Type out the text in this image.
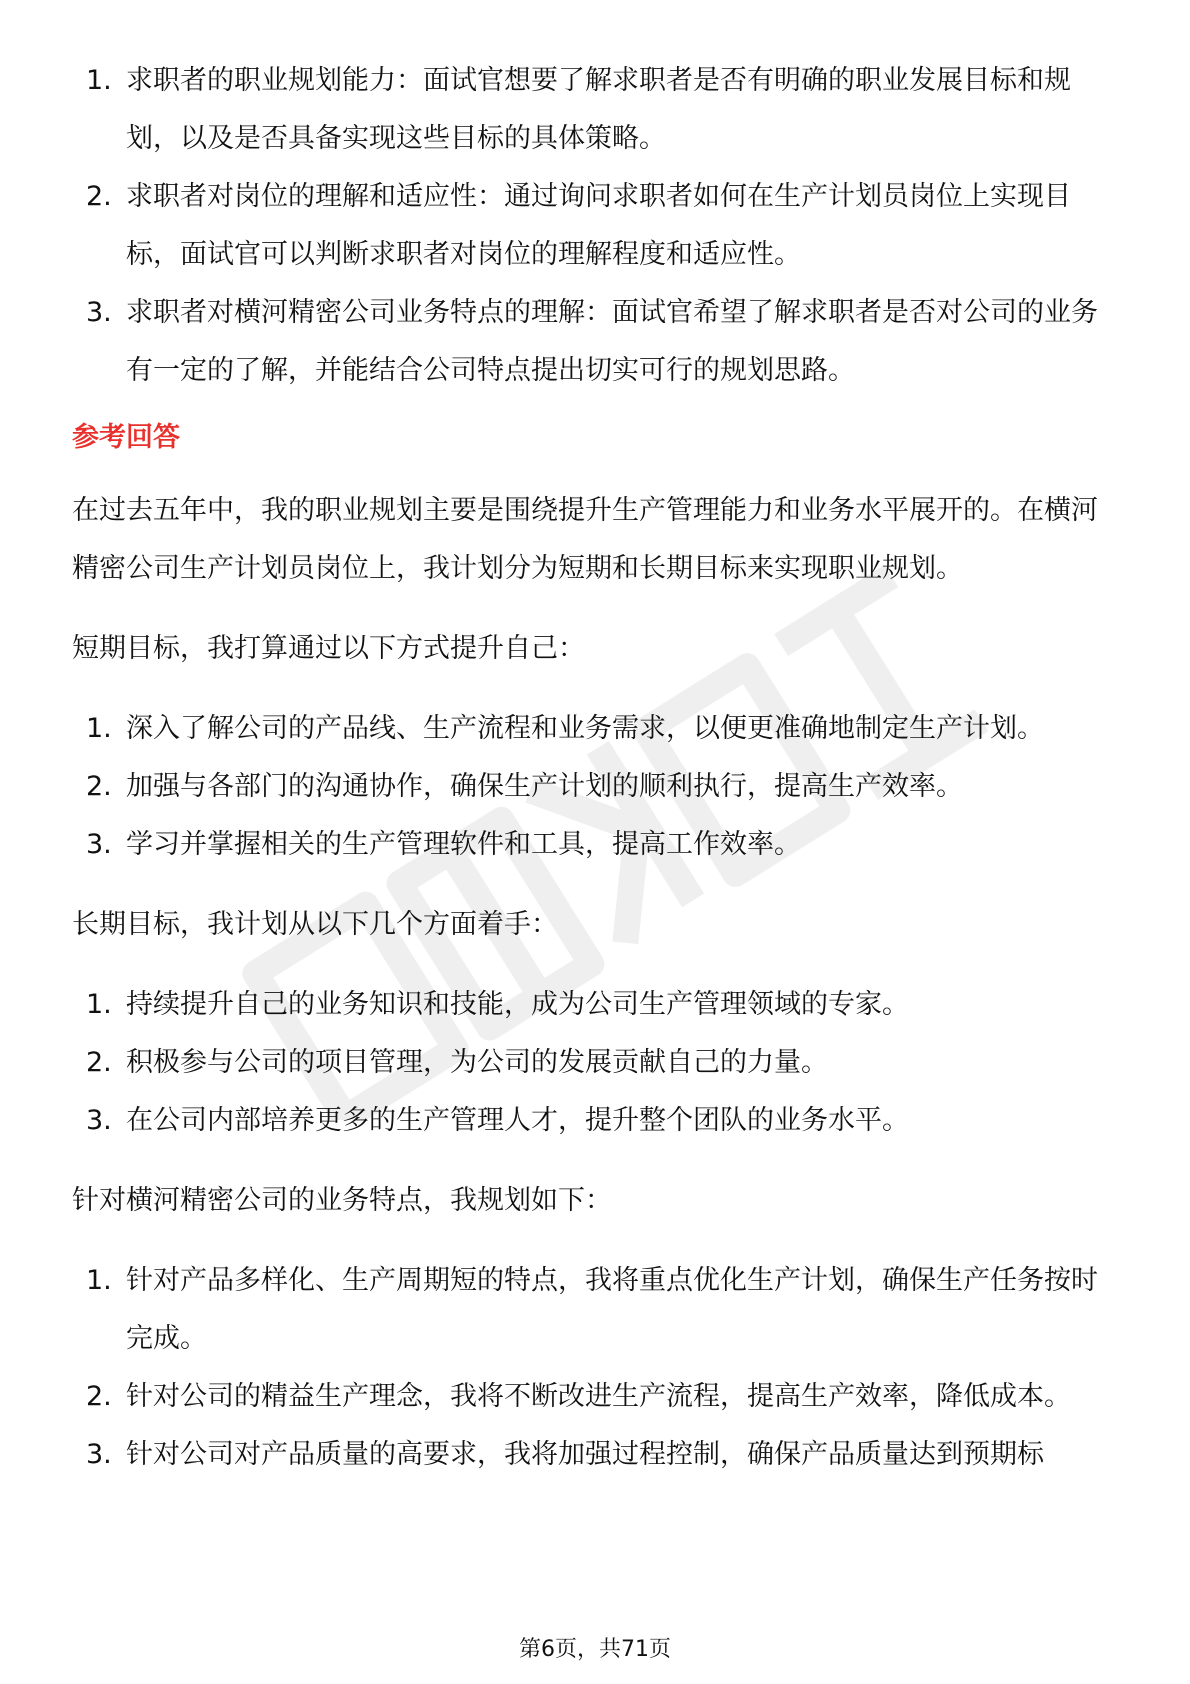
1. 求职者的职业规划能力：面试官想要了解求职者是否有明确的职业发展目标和规划，以及是否具备实现这些目标的具体策略。
2. 求职者对岗位的理解和适应性：通过询问求职者如何在生产计划员岗位上实现目标，面试官可以判断求职者对岗位的理解程度和适应性。
3. 求职者对横河精密公司业务特点的理解：面试官希望了解求职者是否对公司的业务有一定的了解，并能结合公司特点提出切实可行的规划思路。
参考回答

在过去五年中，我的职业规划主要是围绕提升生产管理能力和业务水平展开的。在横河精密公司生产计划员岗位上，我计划分为短期和长期目标来实现职业规划。

短期目标，我打算通过以下方式提升自己：

1. 深入了解公司的产品线、生产流程和业务需求，以便更准确地制定生产计划。
2. 加强与各部门的沟通协作，确保生产计划的顺利执行，提高生产效率。
3. 学习并掌握相关的生产管理软件和工具，提高工作效率。

长期目标，我计划从以下几个方面着手：

1. 持续提升自己的业务知识和技能，成为公司生产管理领域的专家。
2. 积极参与公司的项目管理，为公司的发展贡献自己的力量。
3. 在公司内部培养更多的生产管理人才，提升整个团队的业务水平。

针对横河精密公司的业务特点，我规划如下：

1. 针对产品多样化、生产周期短的特点，我将重点优化生产计划，确保生产任务按时完成。
2. 针对公司的精益生产理念，我将不断改进生产流程，提高生产效率，降低成本。
3. 针对公司对产品质量的高要求，我将加强过程控制，确保产品质量达到预期标
第6页，共71页
